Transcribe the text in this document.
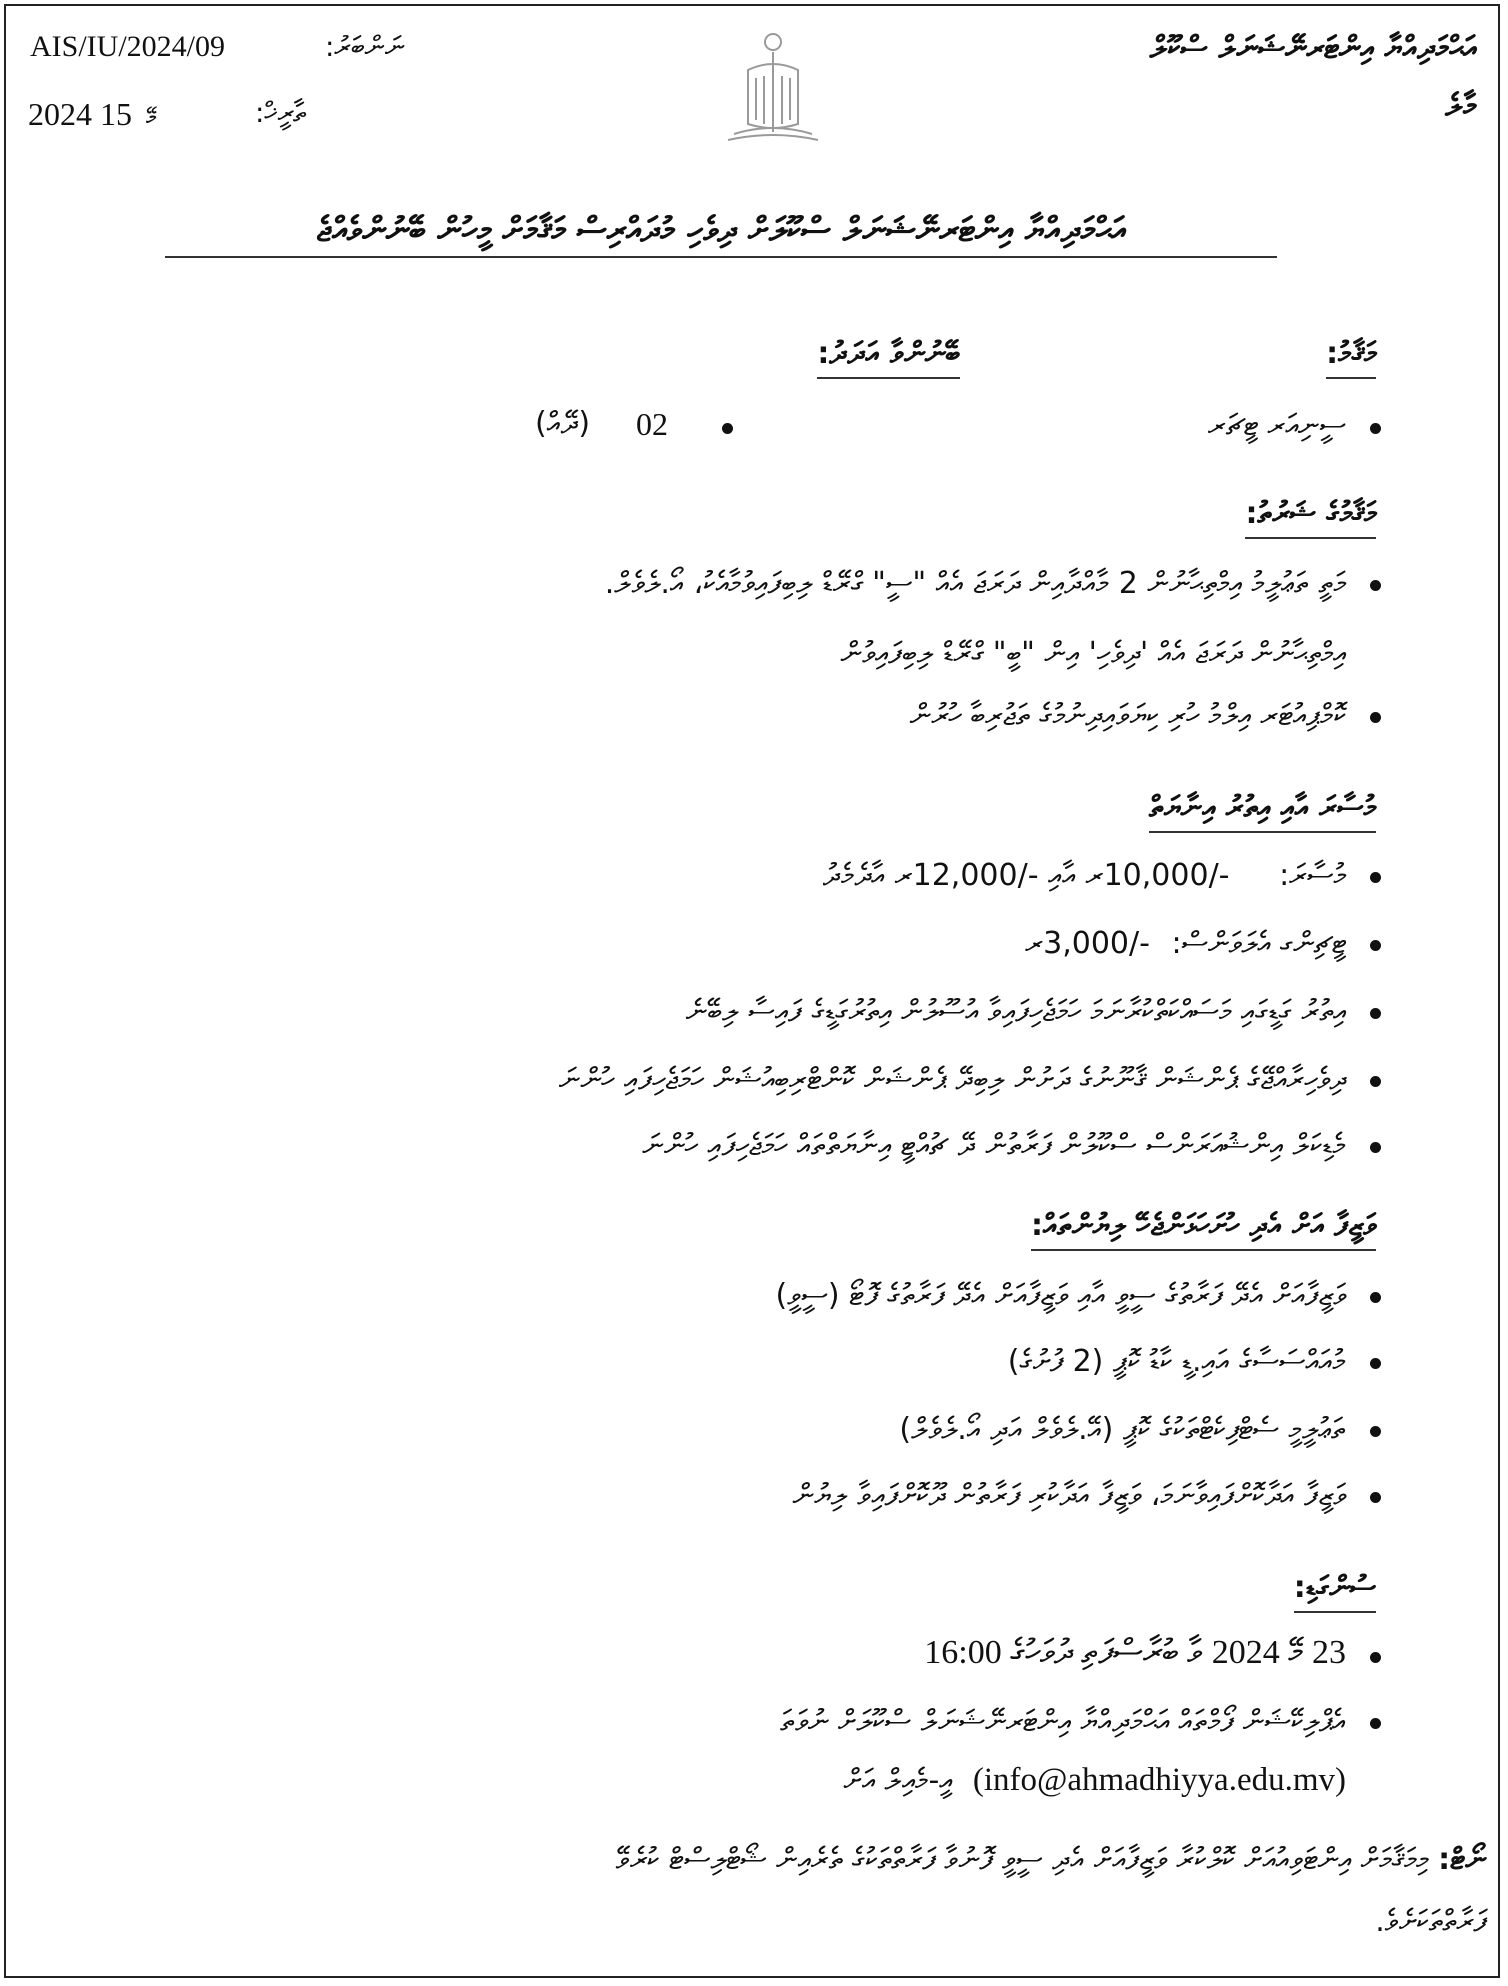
އަޙްމަދިއްޔާ އިންޓަރނޭޝަނަލް ސްކޫލް
މާލެ
AIS/IU/2024/09	ނަންބަރު:
2024 މޭ 15	ތާރީޚް:
އަޙްމަދިއްޔާ އިންޓަރނޭޝަނަލް ސްކޫލަށް ދިވެހި މުދައްރިސް މަޤާމަށް މީހުން ބޭނުންވެއްޖެ
މަޤާމު:
ސީނިއަރ ޓީޗަރ
ބޭނުންވާ އަދަދު:
02
(ދޭއް)
މަޤާމުގެ ޝަރުތު:
މަތީ ތަޢުލީމު އިމްތިޙާނުން 2 މާއްދާއިން ދަރަޖަ އެއް "ސީ" ގްރޭޑް ލިބިފައިވުމާއެކު، އޯ.ލެވެލް.
އިމްތިޙާނުން ދަރަޖަ އެއް 'ދިވެހި' އިން "ބީ" ގްރޭޑް ލިބިފައިވުން
ކޮމްޕިއުޓަރ އިލްމު ހުރި ކިޔަވައިދިނުމުގެ ތަޖުރިބާ ހުރުން
މުސާރަ އާއި އިތުރު އިނާޔަތް
މުސާރަ: -/10,000ރ އާއި -/12,000ރ އާދެމެދު
ޓީޗިންގ އެލަވަންސް: -/3,000ރ
އިތުރު ގަޑީގައި މަސައްކަތްކުރާނަމަ ހަމަޖެހިފައިވާ އުސޫލުން އިތުރުގަޑީގެ ފައިސާ ލިބޭނެ
ދިވެހިރާއްޖޭގެ ޕެންޝަން ޤާނޫނުގެ ދަށުން ލިބިދޭ ޕެންޝަން ކޮންޓްރިބިއުޝަން ހަމަޖެހިފައި ހުންނަ
މެޑިކަލް އިންޝުއަރަންސް ސްކޫލުން ފަރާތުން ދޭ ޗުއްޓީ އިނާޔަތްތައް ހަމަޖެހިފައި ހުންނަ
ވަޒީފާ އަށް އެދި ހުށަހަޅަންޖެހޭ ލިޔުންތައް:
ވަޒީފާއަށް އެދޭ ފަރާތުގެ ސީވީ އާއި ވަޒީފާއަށް އެދޭ ފަރާތުގެ ފޮޓޯ (ސީވީ)
މުއައްސަސާގެ އައި.ޑީ ކާޑު ކޮޕީ (2 ފުށުގެ)
ތަޢުލީމީ ސެޓްފިކެޓްތަކުގެ ކޮޕީ (އޭ.ލެވެލް އަދި އޯ.ލެވެލް)
ވަޒީފާ އަދާކޮށްފައިވާނަމަ، ވަޒީފާ އަދާކުރި ފަރާތުން ދޫކޮށްފައިވާ ލިޔުން
ސުންގަޑި:
23 މޭ 2024 ވާ ބުރާސްފަތި ދުވަހުގެ 16:00
އެޕްލިކޭޝަން ފޯމްތައް އަޙްމަދިއްޔާ އިންޓަރނޭޝަނަލް ސްކޫލަށް ނުވަތަ
(info@ahmadhiyya.edu.mv) އީ-މެއިލް އަށް
ނޯޓް: މިމަޤާމަށް އިންޓަވިއުއަށް ކޮލްކުރާ ވަޒީފާއަށް އެދި ސީވީ ފޮނުވާ ފަރާތްތަކުގެ ތެރެއިން ޝޯޓްލިސްޓް ކުރެވޭ
ފަރާތްތަކަށެވެ.
